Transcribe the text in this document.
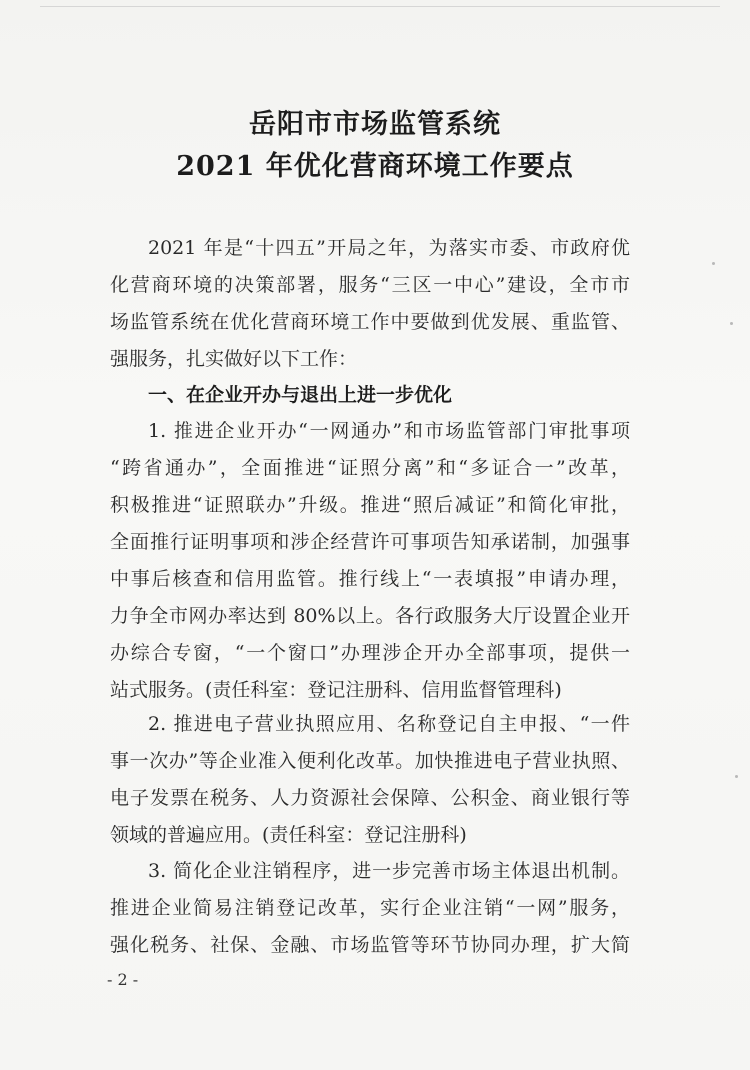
岳阳市市场监管系统
2021 年优化营商环境工作要点
2021 年是“十四五”开局之年，为落实市委、市政府优
化营商环境的决策部署，服务“三区一中心”建设，全市市
场监管系统在优化营商环境工作中要做到优发展、重监管、
强服务，扎实做好以下工作：
一、在企业开办与退出上进一步优化
1. 推进企业开办“一网通办”和市场监管部门审批事项
“跨省通办”，全面推进“证照分离”和“多证合一”改革，
积极推进“证照联办”升级。推进“照后减证”和简化审批，
全面推行证明事项和涉企经营许可事项告知承诺制，加强事
中事后核查和信用监管。推行线上“一表填报”申请办理，
力争全市网办率达到 80%以上。各行政服务大厅设置企业开
办综合专窗，“一个窗口”办理涉企开办全部事项，提供一
站式服务。(责任科室：登记注册科、信用监督管理科)
2. 推进电子营业执照应用、名称登记自主申报、“一件
事一次办”等企业准入便利化改革。加快推进电子营业执照、
电子发票在税务、人力资源社会保障、公积金、商业银行等
领域的普遍应用。(责任科室：登记注册科)
3. 简化企业注销程序，进一步完善市场主体退出机制。
推进企业简易注销登记改革，实行企业注销“一网”服务，
强化税务、社保、金融、市场监管等环节协同办理，扩大简
- 2 -
